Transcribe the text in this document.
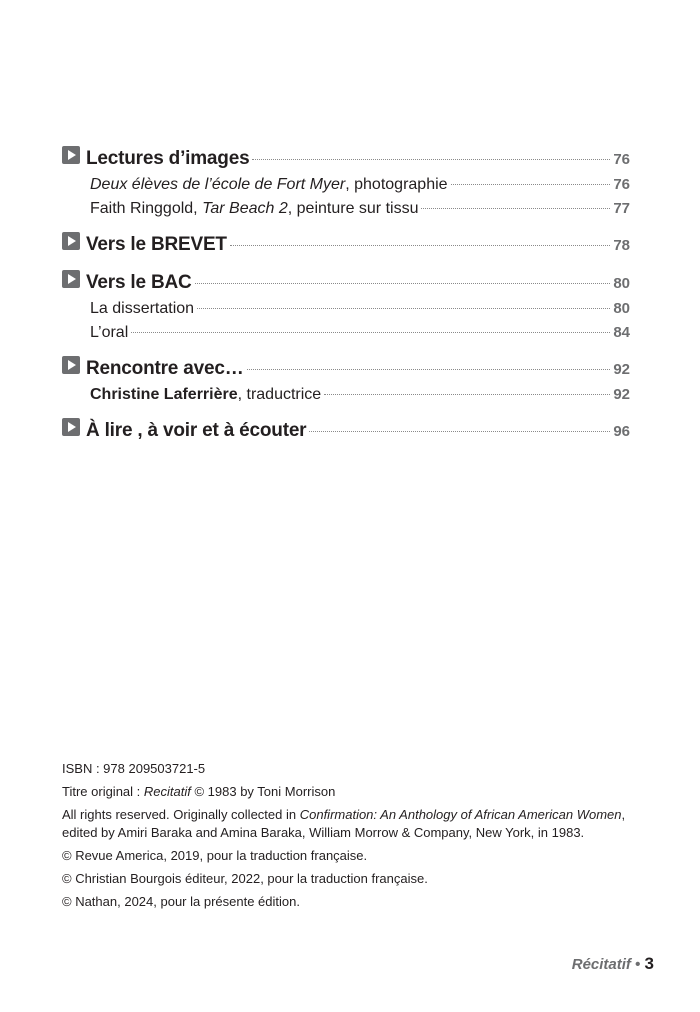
Lectures d’images	76
Deux élèves de l’école de Fort Myer, photographie	76
Faith Ringgold, Tar Beach 2, peinture sur tissu	77
Vers le BREVET	78
Vers le BAC	80
La dissertation	80
L’oral	84
Rencontre avec…	92
Christine Laferrière, traductrice	92
À lire , à voir et à écouter	96

ISBN : 978 209503721-5

Titre original : Recitatif © 1983 by Toni Morrison

All rights reserved. Originally collected in Confirmation: An Anthology of African American Women, edited by Amiri Baraka and Amina Baraka, William Morrow & Company, New York, in 1983.

© Revue America, 2019, pour la traduction française.

© Christian Bourgois éditeur, 2022, pour la traduction française.

© Nathan, 2024, pour la présente édition.

Récitatif • 3
